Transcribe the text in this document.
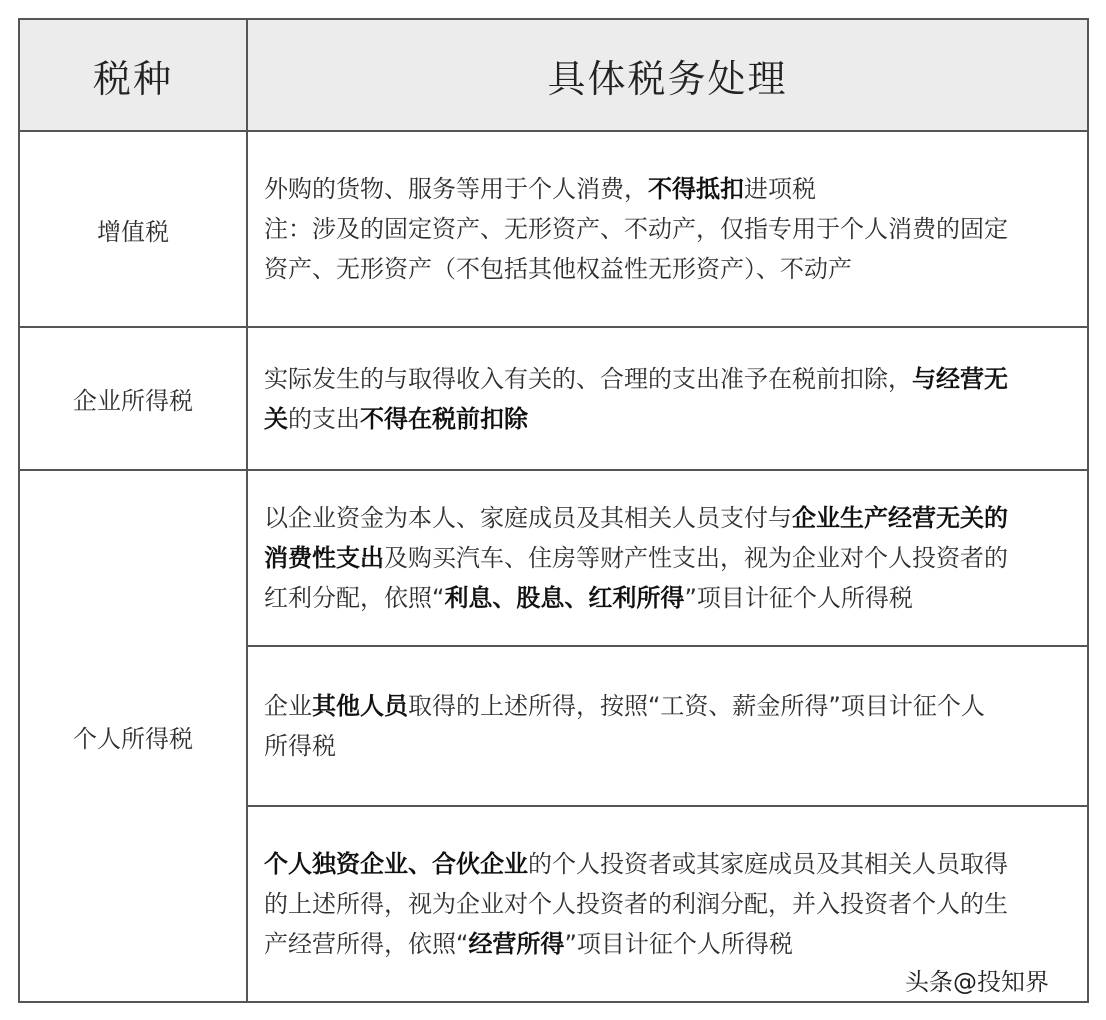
税种	具体税务处理
增值税	外购的货物、服务等用于个人消费，不得抵扣进项税
注：涉及的固定资产、无形资产、不动产，仅指专用于个人消费的固定
资产、无形资产（不包括其他权益性无形资产）、不动产

企业所得税	实际发生的与取得收入有关的、合理的支出准予在税前扣除，与经营无
关的支出不得在税前扣除

个人所得税	以企业资金为本人、家庭成员及其相关人员支付与企业生产经营无关的
消费性支出及购买汽车、住房等财产性支出，视为企业对个人投资者的
红利分配，依照“利息、股息、红利所得”项目计征个人所得税

	企业其他人员取得的上述所得，按照“工资、薪金所得”项目计征个人
所得税

	个人独资企业、合伙企业的个人投资者或其家庭成员及其相关人员取得
的上述所得，视为企业对个人投资者的利润分配，并入投资者个人的生
产经营所得，依照“经营所得”项目计征个人所得税
头条@投知界
